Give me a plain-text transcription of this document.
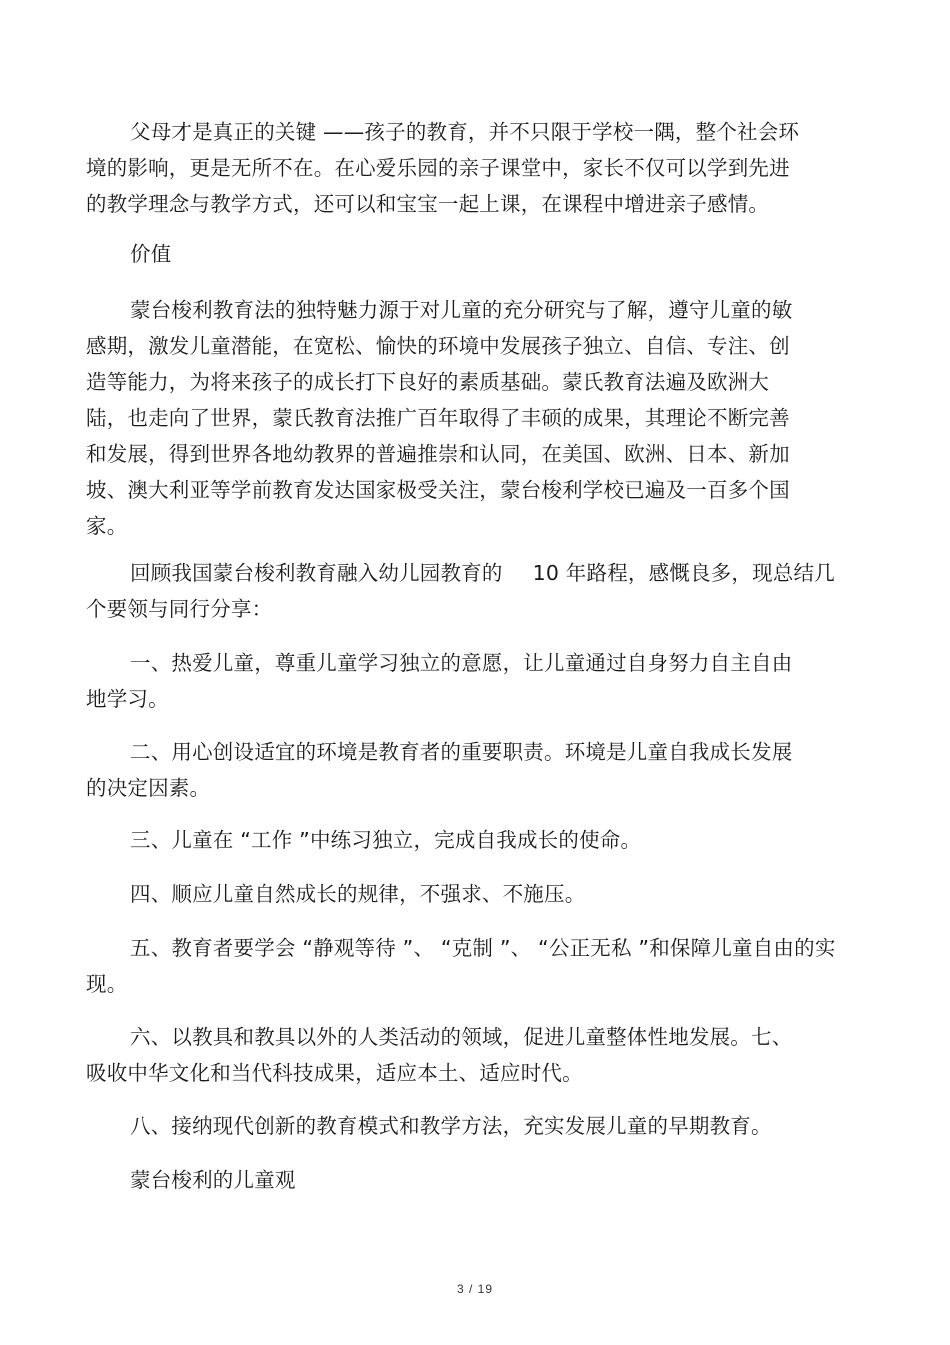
父母才是真正的关键 ——孩子的教育，并不只限于学校一隅，整个社会环
境的影响，更是无所不在。在心爱乐园的亲子课堂中，家长不仅可以学到先进
的教学理念与教学方式，还可以和宝宝一起上课，在课程中增进亲子感情。
价值
蒙台梭利教育法的独特魅力源于对儿童的充分研究与了解，遵守儿童的敏
感期，激发儿童潜能，在宽松、愉快的环境中发展孩子独立、自信、专注、创
造等能力，为将来孩子的成长打下良好的素质基础。蒙氏教育法遍及欧洲大
陆，也走向了世界，蒙氏教育法推广百年取得了丰硕的成果，其理论不断完善
和发展，得到世界各地幼教界的普遍推崇和认同，在美国、欧洲、日本、新加
坡、澳大利亚等学前教育发达国家极受关注，蒙台梭利学校已遍及一百多个国
家。
回顾我国蒙台梭利教育融入幼儿园教育的 10 年路程，感慨良多，现总结几
个要领与同行分享：
一、热爱儿童，尊重儿童学习独立的意愿，让儿童通过自身努力自主自由
地学习。
二、用心创设适宜的环境是教育者的重要职责。环境是儿童自我成长发展
的决定因素。
三、儿童在 “工作 ”中练习独立，完成自我成长的使命。
四、顺应儿童自然成长的规律，不强求、不施压。
五、教育者要学会 “静观等待 ”、 “克制 ”、 “公正无私 ”和保障儿童自由的实
现。
六、以教具和教具以外的人类活动的领域，促进儿童整体性地发展。七、
吸收中华文化和当代科技成果，适应本土、适应时代。
八、接纳现代创新的教育模式和教学方法，充实发展儿童的早期教育。
蒙台梭利的儿童观
3 / 19
